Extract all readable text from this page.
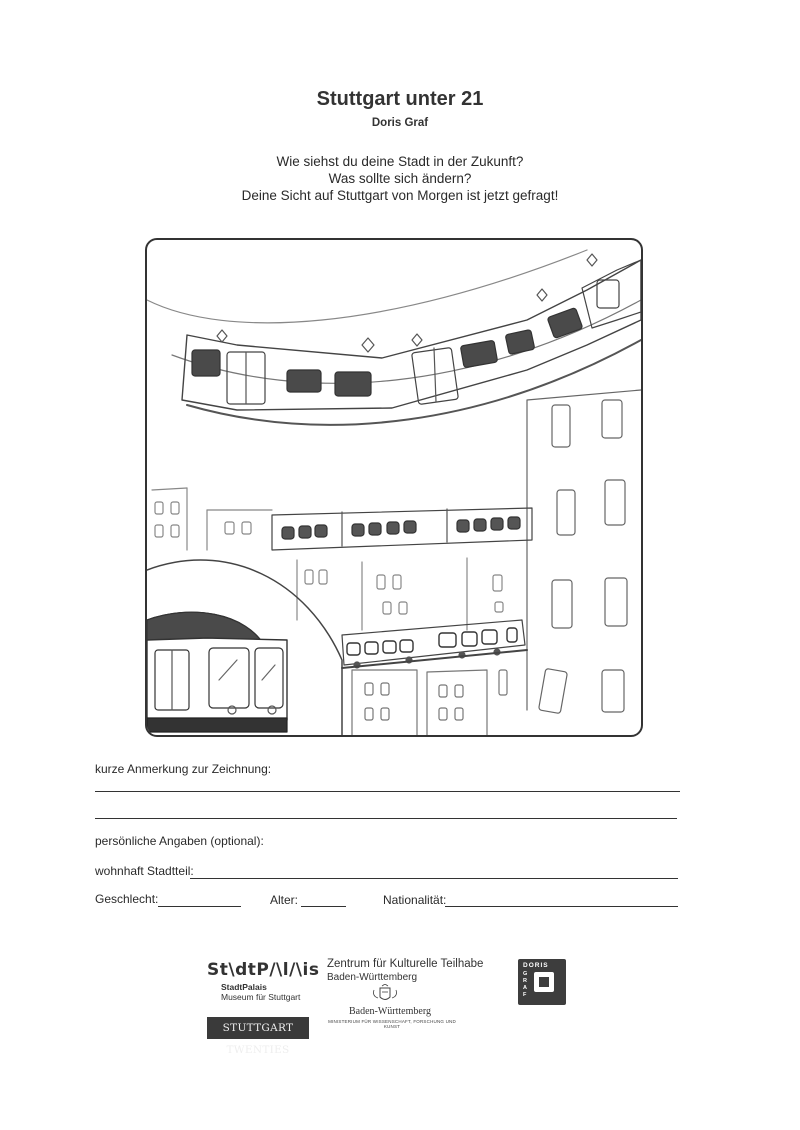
Stuttgart unter 21
Doris Graf
Wie siehst du deine Stadt in der Zukunft?
Was sollte sich ändern?
Deine Sicht auf Stuttgart von Morgen ist jetzt gefragt!
kurze Anmerkung zur Zeichnung:
persönliche Angaben (optional):
wohnhaft Stadtteil:
Geschlecht:	Alter:	Nationalität:
St\dtP/\l/\is
StadtPalais
Museum für Stuttgart
STUTTGART TWENTIES
Zentrum für Kulturelle Teilhabe
Baden-Württemberg
Baden-Württemberg
MINISTERIUM FÜR WISSENSCHAFT, FORSCHUNG UND KUNST
DORIS
G
R
A
F
